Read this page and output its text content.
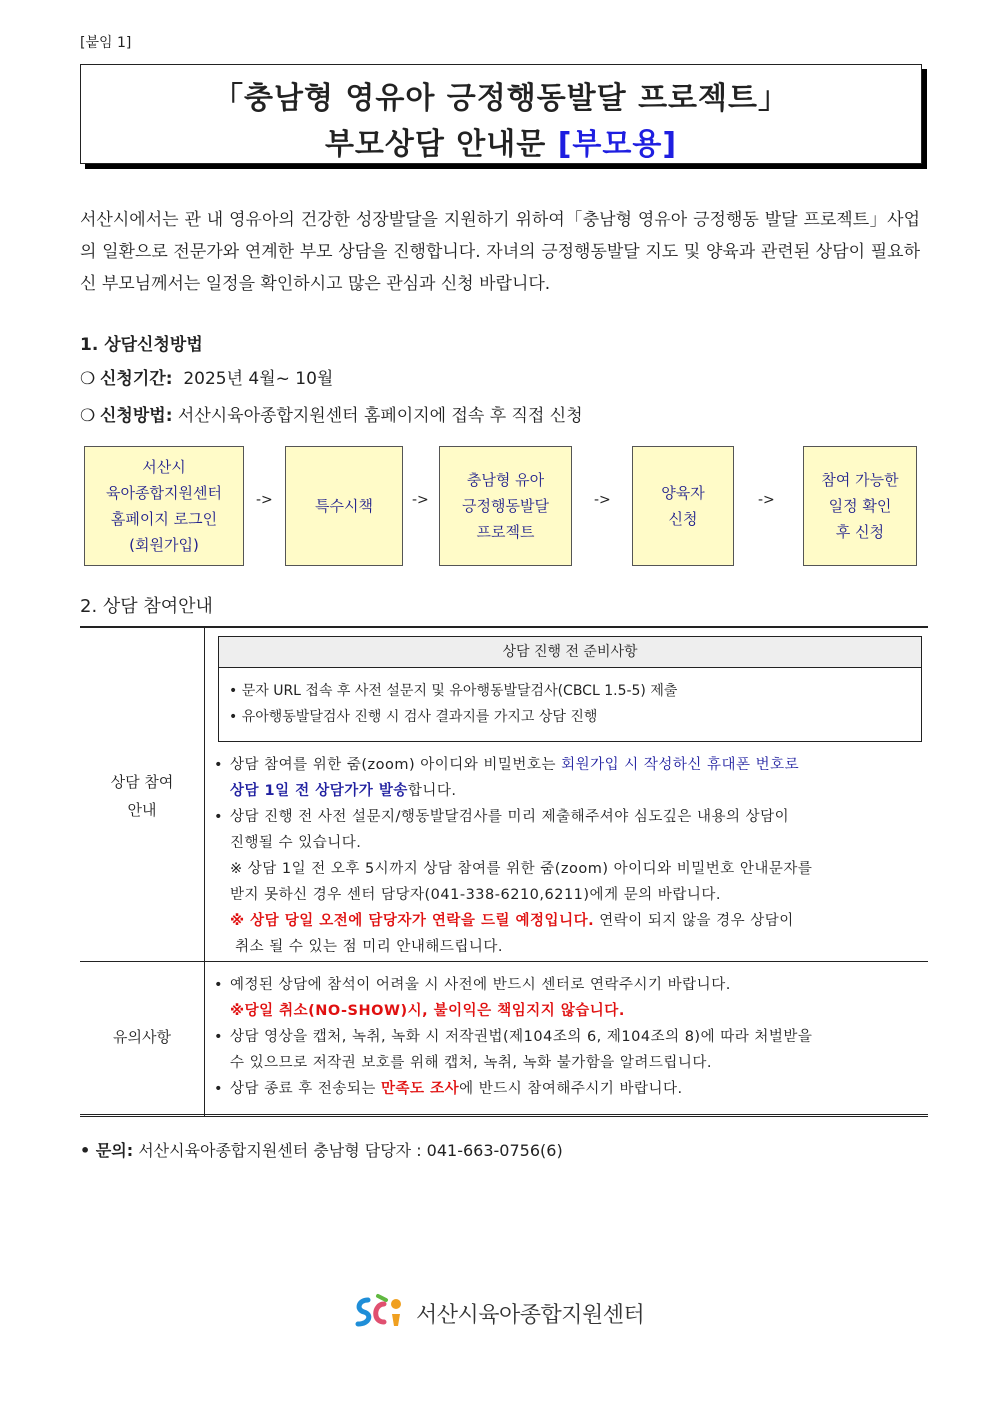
[붙임 1]
「충남형 영유아 긍정행동발달 프로젝트」
부모상담 안내문 [부모용]
서산시에서는 관 내 영유아의 건강한 성장발달을 지원하기 위하여「충남형 영유아 긍정행동 발달 프로젝트」사업의 일환으로 전문가와 연계한 부모 상담을 진행합니다. 자녀의 긍정행동발달 지도 및 양육과 관련된 상담이 필요하신 부모님께서는 일정을 확인하시고 많은 관심과 신청 바랍니다.
1. 상담신청방법
❍ 신청기간: 2025년 4월~ 10월
❍ 신청방법: 서산시육아종합지원센터 홈페이지에 접속 후 직접 신청
서산시
육아종합지원센터
홈페이지 로그인
(회원가입)
->	특수시책	->
충남형 유아
긍정행동발달
프로젝트
->	양육자
신청
->
참여 가능한
일정 확인
후 신청
2. 상담 참여안내
상담 참여
안내
상담 진행 전 준비사항
• 문자 URL 접속 후 사전 설문지 및 유아행동발달검사(CBCL 1.5-5) 제출
• 유아행동발달검사 진행 시 검사 결과지를 가지고 상담 진행
• 상담 참여를 위한 줌(zoom) 아이디와 비밀번호는 회원가입 시 작성하신 휴대폰 번호로
상담 1일 전 상담가가 발송합니다.
• 상담 진행 전 사전 설문지/행동발달검사를 미리 제출해주셔야 심도깊은 내용의 상담이
진행될 수 있습니다.
※ 상담 1일 전 오후 5시까지 상담 참여를 위한 줌(zoom) 아이디와 비밀번호 안내문자를
받지 못하신 경우 센터 담당자(041-338-6210,6211)에게 문의 바랍니다.
※ 상담 당일 오전에 담당자가 연락을 드릴 예정입니다. 연락이 되지 않을 경우 상담이
취소 될 수 있는 점 미리 안내해드립니다.
유의사항
• 예정된 상담에 참석이 어려울 시 사전에 반드시 센터로 연락주시기 바랍니다.
※당일 취소(NO-SHOW)시, 불이익은 책임지지 않습니다.
• 상담 영상을 캡처, 녹취, 녹화 시 저작권법(제104조의 6, 제104조의 8)에 따라 처벌받을
수 있으므로 저작권 보호를 위해 캡처, 녹취, 녹화 불가함을 알려드립니다.
• 상담 종료 후 전송되는 만족도 조사에 반드시 참여해주시기 바랍니다.
• 문의: 서산시육아종합지원센터 충남형 담당자 : 041-663-0756(6)
서산시육아종합지원센터
